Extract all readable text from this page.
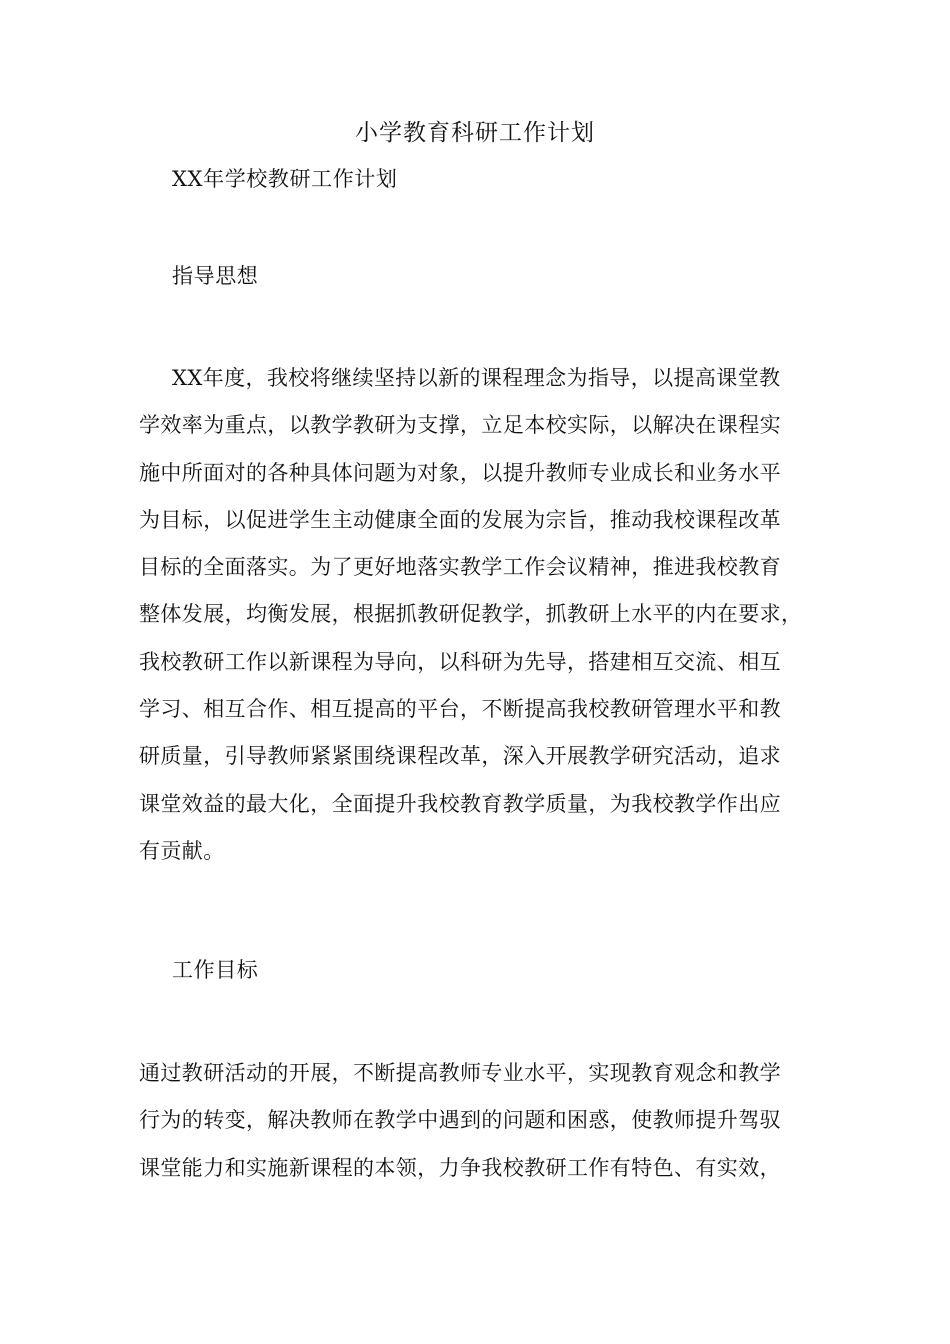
小学教育科研工作计划
XX年学校教研工作计划
指导思想
XX年度，我校将继续坚持以新的课程理念为指导，以提高课堂教
学效率为重点，以教学教研为支撑，立足本校实际，以解决在课程实
施中所面对的各种具体问题为对象，以提升教师专业成长和业务水平
为目标，以促进学生主动健康全面的发展为宗旨，推动我校课程改革
目标的全面落实。为了更好地落实教学工作会议精神，推进我校教育
整体发展，均衡发展，根据抓教研促教学，抓教研上水平的内在要求，
我校教研工作以新课程为导向，以科研为先导，搭建相互交流、相互
学习、相互合作、相互提高的平台，不断提高我校教研管理水平和教
研质量，引导教师紧紧围绕课程改革，深入开展教学研究活动，追求
课堂效益的最大化，全面提升我校教育教学质量，为我校教学作出应
有贡献。
工作目标
通过教研活动的开展，不断提高教师专业水平，实现教育观念和教学
行为的转变，解决教师在教学中遇到的问题和困惑，使教师提升驾驭
课堂能力和实施新课程的本领，力争我校教研工作有特色、有实效，
